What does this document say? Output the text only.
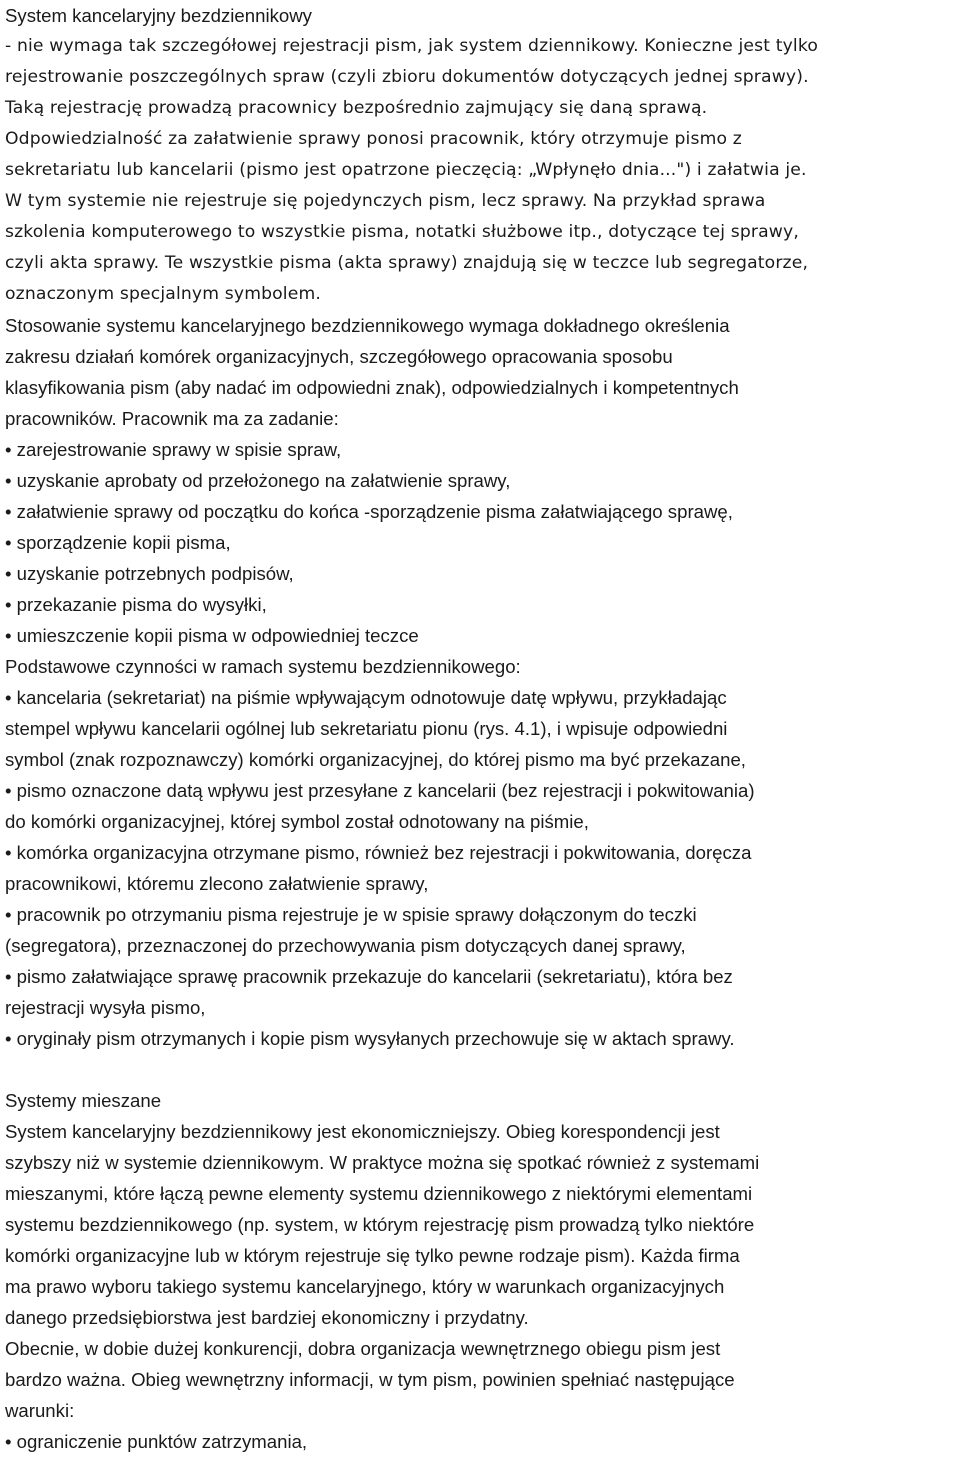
System kancelaryjny bezdziennikowy
- nie wymaga tak szczegółowej rejestracji pism, jak system dziennikowy. Konieczne jest tylko
rejestrowanie poszczególnych spraw (czyli zbioru dokumentów dotyczących jednej sprawy).
Taką rejestrację prowadzą pracownicy bezpośrednio zajmujący się daną sprawą.
Odpowiedzialność za załatwienie sprawy ponosi pracownik, który otrzymuje pismo z
sekretariatu lub kancelarii (pismo jest opatrzone pieczęcią: „Wpłynęło dnia...") i załatwia je.
W tym systemie nie rejestruje się pojedynczych pism, lecz sprawy. Na przykład sprawa
szkolenia komputerowego to wszystkie pisma, notatki służbowe itp., dotyczące tej sprawy,
czyli akta sprawy. Te wszystkie pisma (akta sprawy) znajdują się w teczce lub segregatorze,
oznaczonym specjalnym symbolem.
Stosowanie systemu kancelaryjnego bezdziennikowego wymaga dokładnego określenia
zakresu działań komórek organizacyjnych, szczegółowego opracowania sposobu
klasyfikowania pism (aby nadać im odpowiedni znak), odpowiedzialnych i kompetentnych
pracowników. Pracownik ma za zadanie:
• zarejestrowanie sprawy w spisie spraw,
• uzyskanie aprobaty od przełożonego na załatwienie sprawy,
• załatwienie sprawy od początku do końca -sporządzenie pisma załatwiającego sprawę,
• sporządzenie kopii pisma,
• uzyskanie potrzebnych podpisów,
• przekazanie pisma do wysyłki,
• umieszczenie kopii pisma w odpowiedniej teczce
Podstawowe czynności w ramach systemu bezdziennikowego:
• kancelaria (sekretariat) na piśmie wpływającym odnotowuje datę wpływu, przykładając
stempel wpływu kancelarii ogólnej lub sekretariatu pionu (rys. 4.1), i wpisuje odpowiedni
symbol (znak rozpoznawczy) komórki organizacyjnej, do której pismo ma być przekazane,
• pismo oznaczone datą wpływu jest przesyłane z kancelarii (bez rejestracji i pokwitowania)
do komórki organizacyjnej, której symbol został odnotowany na piśmie,
• komórka organizacyjna otrzymane pismo, również bez rejestracji i pokwitowania, doręcza
pracownikowi, któremu zlecono załatwienie sprawy,
• pracownik po otrzymaniu pisma rejestruje je w spisie sprawy dołączonym do teczki
(segregatora), przeznaczonej do przechowywania pism dotyczących danej sprawy,
• pismo załatwiające sprawę pracownik przekazuje do kancelarii (sekretariatu), która bez
rejestracji wysyła pismo,
• oryginały pism otrzymanych i kopie pism wysyłanych przechowuje się w aktach sprawy.
Systemy mieszane
System kancelaryjny bezdziennikowy jest ekonomiczniejszy. Obieg korespondencji jest
szybszy niż w systemie dziennikowym. W praktyce można się spotkać również z systemami
mieszanymi, które łączą pewne elementy systemu dziennikowego z niektórymi elementami
systemu bezdziennikowego (np. system, w którym rejestrację pism prowadzą tylko niektóre
komórki organizacyjne lub w którym rejestruje się tylko pewne rodzaje pism). Każda firma
ma prawo wyboru takiego systemu kancelaryjnego, który w warunkach organizacyjnych
danego przedsiębiorstwa jest bardziej ekonomiczny i przydatny.
Obecnie, w dobie dużej konkurencji, dobra organizacja wewnętrznego obiegu pism jest
bardzo ważna. Obieg wewnętrzny informacji, w tym pism, powinien spełniać następujące
warunki:
• ograniczenie punktów zatrzymania,
